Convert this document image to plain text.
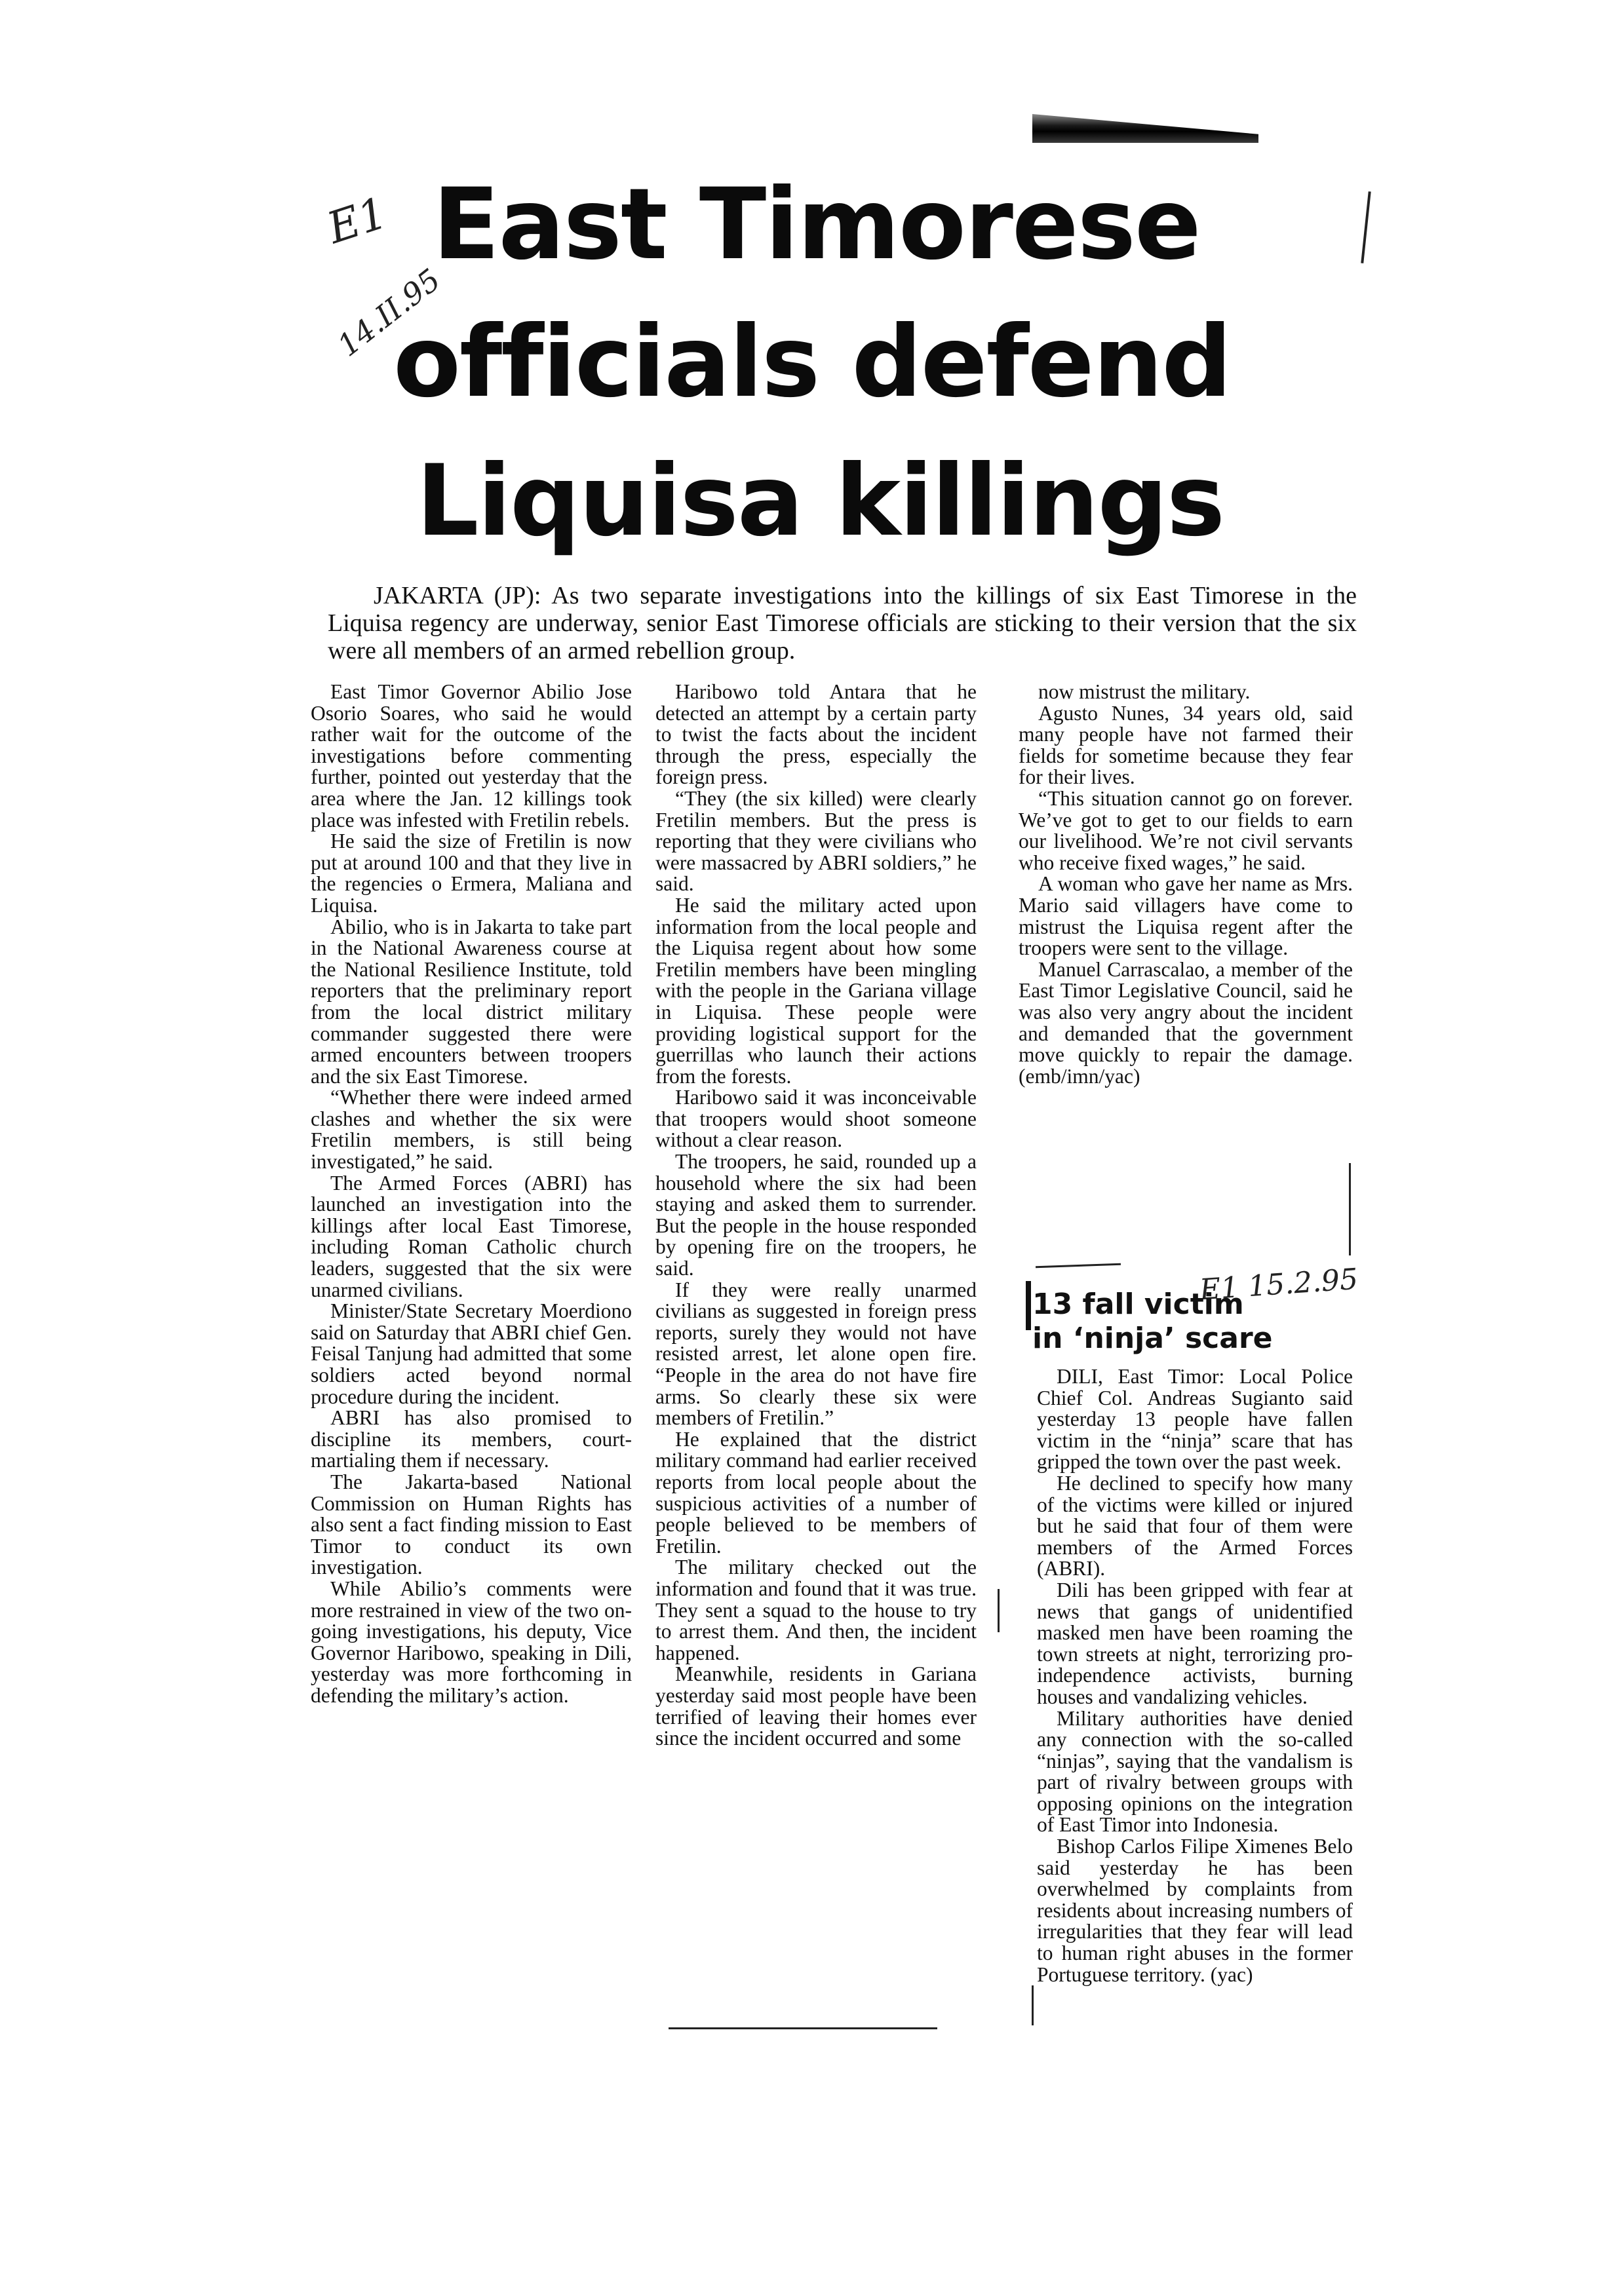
E1
14.II.95
East Timorese
officials defend
Liquisa killings

JAKARTA (JP): As two separate investigations into the killings of six East Timorese in the Liquisa regency are underway, senior East Timorese officials are sticking to their version that the six were all members of an armed rebellion group.

East Timor Governor Abilio Jose Osorio Soares, who said he would rather wait for the outcome of the investigations before commenting further, pointed out yesterday that the area where the Jan. 12 killings took place was infested with Fretilin rebels.

He said the size of Fretilin is now put at around 100 and that they live in the regencies o Ermera, Maliana and Liquisa.

Abilio, who is in Jakarta to take part in the National Awareness course at the National Resilience Institute, told reporters that the preliminary report from the local district military commander suggested there were armed encounters between troopers and the six East Timorese.

“Whether there were indeed armed clashes and whether the six were Fretilin members, is still being investigated,” he said.

The Armed Forces (ABRI) has launched an investigation into the killings after local East Timorese, including Roman Catholic church leaders, suggested that the six were unarmed civilians.

Minister/State Secretary Moerdiono said on Saturday that ABRI chief Gen. Feisal Tanjung had admitted that some soldiers acted beyond normal procedure during the incident.

ABRI has also promised to discipline its members, court-martialing them if necessary.

The Jakarta-based National Commission on Human Rights has also sent a fact finding mission to East Timor to conduct its own investigation.

While Abilio’s comments were more restrained in view of the two on-going investigations, his deputy, Vice Governor Haribowo, speaking in Dili, yesterday was more forthcoming in defending the military’s action.

Haribowo told Antara that he detected an attempt by a certain party to twist the facts about the incident through the press, especially the foreign press.

“They (the six killed) were clearly Fretilin members. But the press is reporting that they were civilians who were massacred by ABRI soldiers,” he said.

He said the military acted upon information from the local people and the Liquisa regent about how some Fretilin members have been mingling with the people in the Gariana village in Liquisa. These people were providing logistical support for the guerrillas who launch their actions from the forests.

Haribowo said it was inconceivable that troopers would shoot someone without a clear reason.

The troopers, he said, rounded up a household where the six had been staying and asked them to surrender. But the people in the house responded by opening fire on the troopers, he said.

If they were really unarmed civilians as suggested in foreign press reports, surely they would not have resisted arrest, let alone open fire. “People in the area do not have fire arms. So clearly these six were members of Fretilin.”

He explained that the district military command had earlier received reports from local people about the suspicious activities of a number of people believed to be members of Fretilin.

The military checked out the information and found that it was true. They sent a squad to the house to try to arrest them. And then, the incident happened.

Meanwhile, residents in Gariana yesterday said most people have been terrified of leaving their homes ever since the incident occurred and some

now mistrust the military.

Agusto Nunes, 34 years old, said many people have not farmed their fields for sometime because they fear for their lives.

“This situation cannot go on forever. We’ve got to get to our fields to earn our livelihood. We’re not civil servants who receive fixed wages,” he said.

A woman who gave her name as Mrs. Mario said villagers have come to mistrust the Liquisa regent after the troopers were sent to the village.

Manuel Carrascalao, a member of the East Timor Legislative Council, said he was also very angry about the incident and demanded that the government move quickly to repair the damage. (emb/imn/yac)

E1 15.2.95
13 fall victim
in ‘ninja’ scare

DILI, East Timor: Local Police Chief Col. Andreas Sugianto said yesterday 13 people have fallen victim in the “ninja” scare that has gripped the town over the past week.

He declined to specify how many of the victims were killed or injured but he said that four of them were members of the Armed Forces (ABRI).

Dili has been gripped with fear at news that gangs of unidentified masked men have been roaming the town streets at night, terrorizing pro-independence activists, burning houses and vandalizing vehicles.

Military authorities have denied any connection with the so-called “ninjas”, saying that the vandalism is part of rivalry between groups with opposing opinions on the integration of East Timor into Indonesia.

Bishop Carlos Filipe Ximenes Belo said yesterday he has been overwhelmed by complaints from residents about increasing numbers of irregularities that they fear will lead to human right abuses in the former Portuguese territory. (yac)
